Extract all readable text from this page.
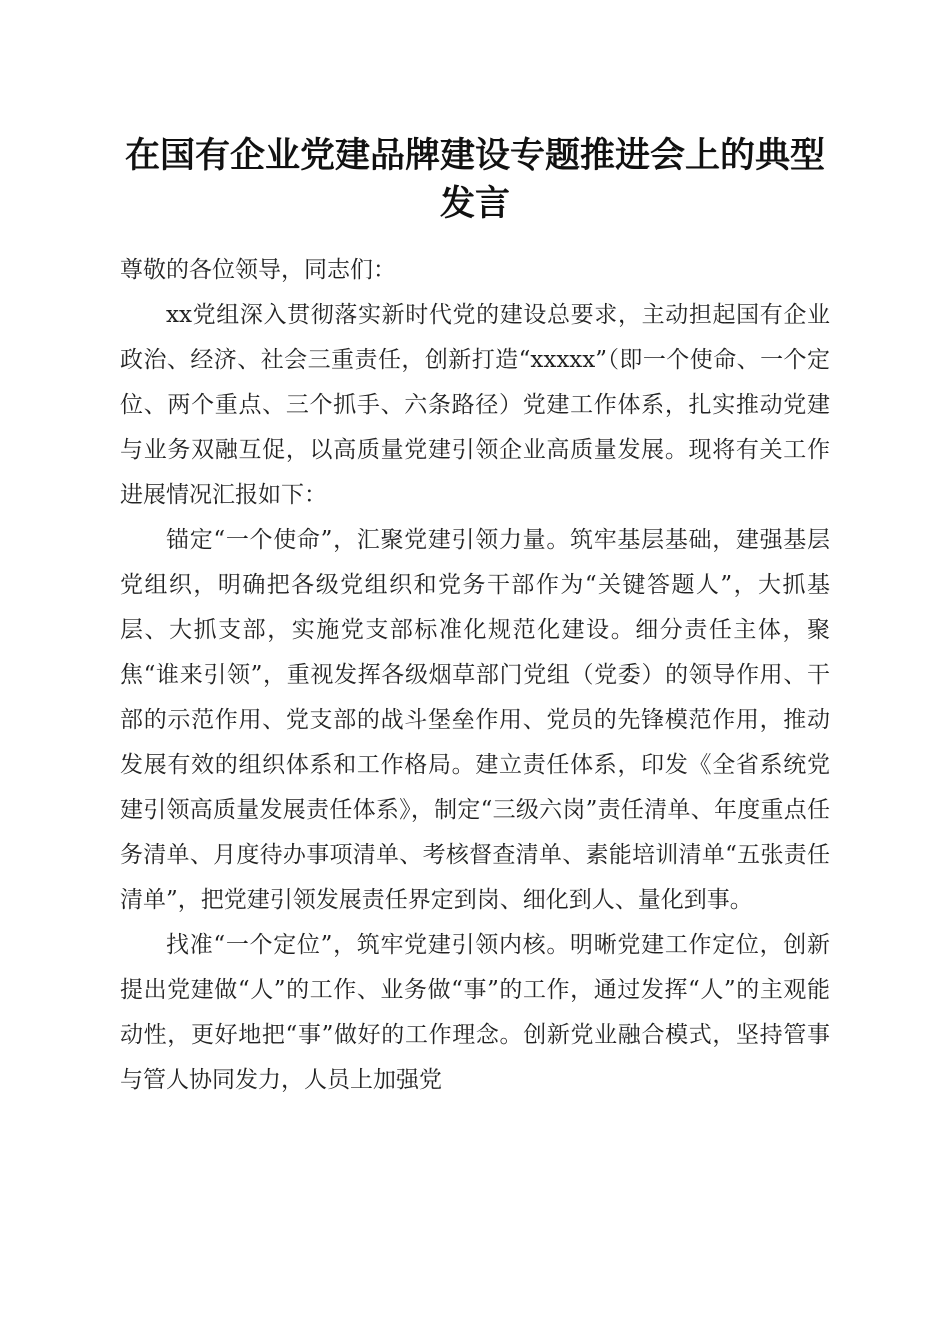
在国有企业党建品牌建设专题推进会上的典型发言

尊敬的各位领导，同志们：

xx党组深入贯彻落实新时代党的建设总要求，主动担起国有企业政治、经济、社会三重责任，创新打造“xxxxx”（即一个使命、一个定位、两个重点、三个抓手、六条路径）党建工作体系，扎实推动党建与业务双融互促，以高质量党建引领企业高质量发展。现将有关工作进展情况汇报如下：

锚定“一个使命”，汇聚党建引领力量。筑牢基层基础，建强基层党组织，明确把各级党组织和党务干部作为“关键答题人”，大抓基层、大抓支部，实施党支部标准化规范化建设。细分责任主体，聚焦“谁来引领”，重视发挥各级烟草部门党组（党委）的领导作用、干部的示范作用、党支部的战斗堡垒作用、党员的先锋模范作用，推动发展有效的组织体系和工作格局。建立责任体系，印发《全省系统党建引领高质量发展责任体系》，制定“三级六岗”责任清单、年度重点任务清单、月度待办事项清单、考核督查清单、素能培训清单“五张责任清单”，把党建引领发展责任界定到岗、细化到人、量化到事。

找准“一个定位”，筑牢党建引领内核。明晰党建工作定位，创新提出党建做“人”的工作、业务做“事”的工作，通过发挥“人”的主观能动性，更好地把“事”做好的工作理念。创新党业融合模式，坚持管事与管人协同发力，人员上加强党
